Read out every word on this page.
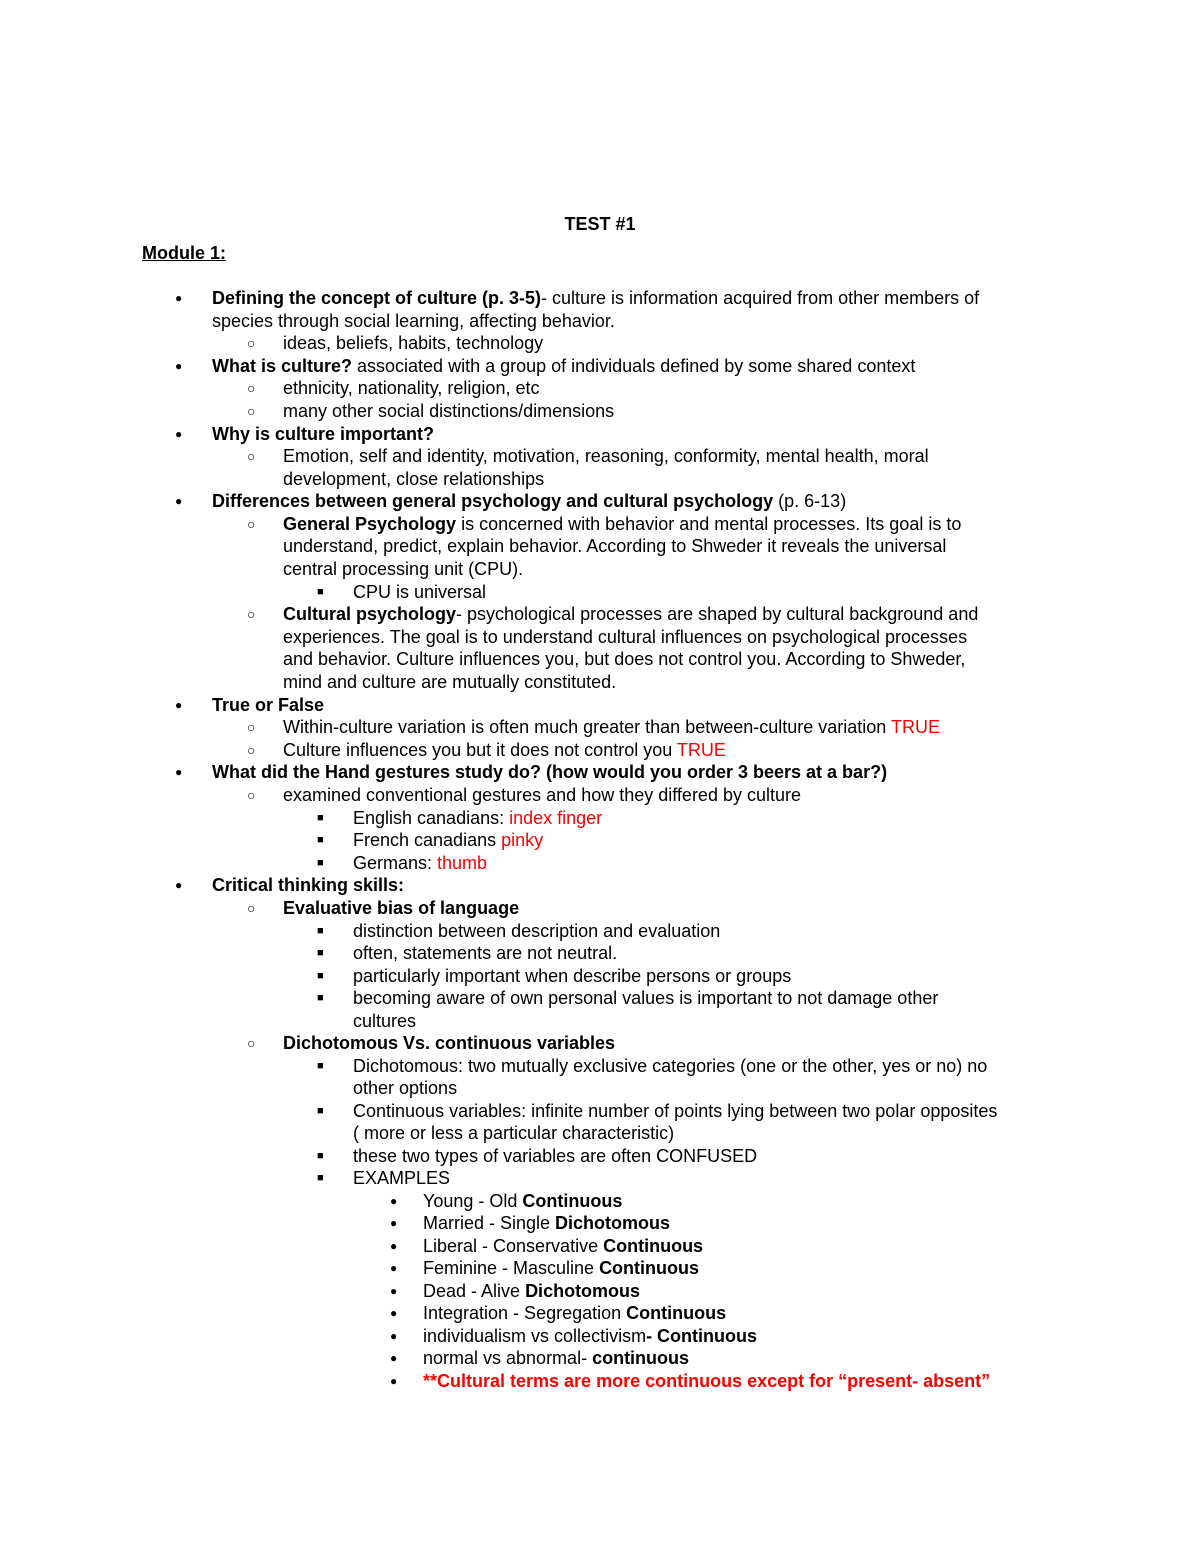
TEST #1
Module 1:
● Defining the concept of culture (p. 3-5)- culture is information acquired from other members of
species through social learning, affecting behavior.
○ ideas, beliefs, habits, technology
● What is culture? associated with a group of individuals defined by some shared context
○ ethnicity, nationality, religion, etc
○ many other social distinctions/dimensions
● Why is culture important?
○ Emotion, self and identity, motivation, reasoning, conformity, mental health, moral
development, close relationships
● Differences between general psychology and cultural psychology (p. 6-13)
○ General Psychology is concerned with behavior and mental processes. Its goal is to
understand, predict, explain behavior. According to Shweder it reveals the universal
central processing unit (CPU).
■ CPU is universal
○ Cultural psychology- psychological processes are shaped by cultural background and
experiences. The goal is to understand cultural influences on psychological processes
and behavior. Culture influences you, but does not control you. According to Shweder,
mind and culture are mutually constituted.
● True or False
○ Within-culture variation is often much greater than between-culture variation TRUE
○ Culture influences you but it does not control you TRUE
● What did the Hand gestures study do? (how would you order 3 beers at a bar?)
○ examined conventional gestures and how they differed by culture
■ English canadians: index finger
■ French canadians pinky
■ Germans: thumb
● Critical thinking skills:
○ Evaluative bias of language
■ distinction between description and evaluation
■ often, statements are not neutral.
■ particularly important when describe persons or groups
■ becoming aware of own personal values is important to not damage other
cultures
○ Dichotomous Vs. continuous variables
■ Dichotomous: two mutually exclusive categories (one or the other, yes or no) no
other options
■ Continuous variables: infinite number of points lying between two polar opposites
( more or less a particular characteristic)
■ these two types of variables are often CONFUSED
■ EXAMPLES
● Young - Old Continuous
● Married - Single Dichotomous
● Liberal - Conservative Continuous
● Feminine - Masculine Continuous
● Dead - Alive Dichotomous
● Integration - Segregation Continuous
● individualism vs collectivism- Continuous
● normal vs abnormal- continuous
● **Cultural terms are more continuous except for “present- absent”
